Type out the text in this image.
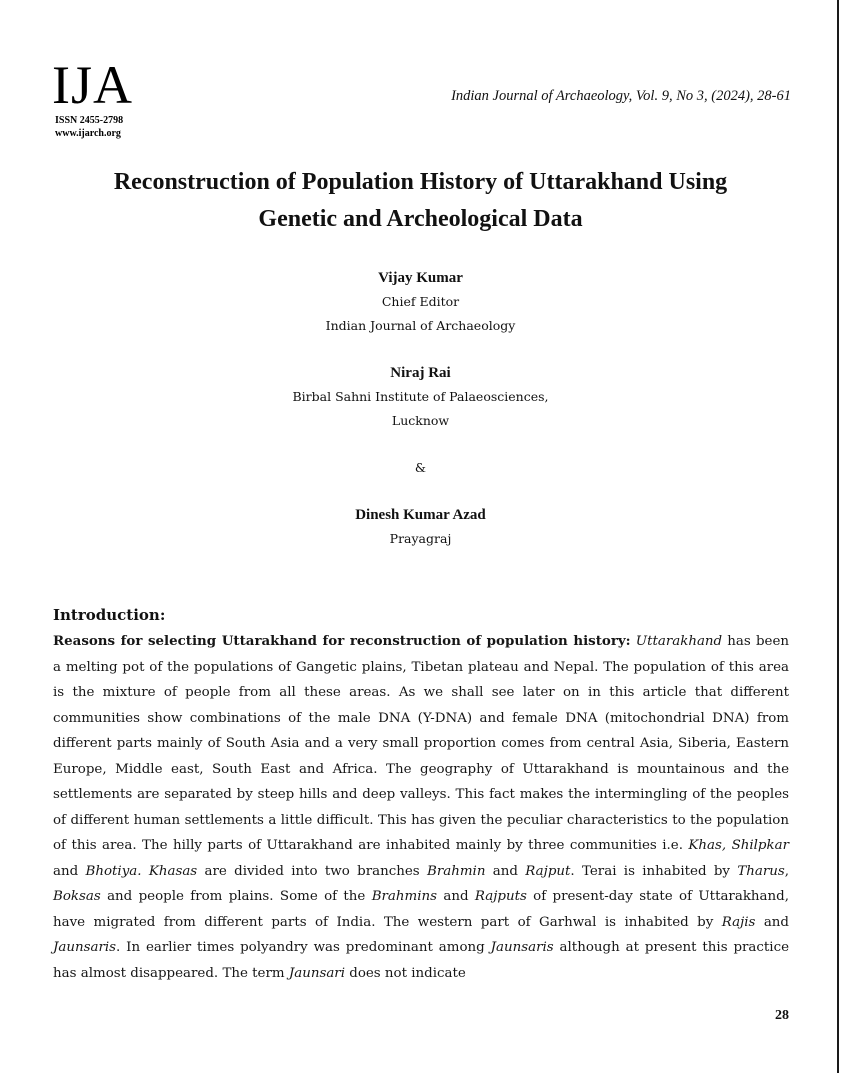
IJA
ISSN 2455-2798
www.ijarch.org
Indian Journal of Archaeology, Vol. 9, No 3, (2024), 28-61
Reconstruction of Population History of Uttarakhand Using
Genetic and Archeological Data
Vijay Kumar
Chief Editor
Indian Journal of Archaeology
Niraj Rai
Birbal Sahni Institute of Palaeosciences,
Lucknow
&
Dinesh Kumar Azad
Prayagraj
Introduction:

Reasons for selecting Uttarakhand for reconstruction of population history: Uttarakhand has been a melting pot of the populations of Gangetic plains, Tibetan plateau and Nepal. The population of this area is the mixture of people from all these areas. As we shall see later on in this article that different communities show combinations of the male DNA (Y-DNA) and female DNA (mitochondrial DNA) from different parts mainly of South Asia and a very small proportion comes from central Asia, Siberia, Eastern Europe, Middle east, South East and Africa. The geography of Uttarakhand is mountainous and the settlements are separated by steep hills and deep valleys. This fact makes the intermingling of the peoples of different human settlements a little difficult. This has given the peculiar characteristics to the population of this area. The hilly parts of Uttarakhand are inhabited mainly by three communities i.e. Khas, Shilpkar and Bhotiya. Khasas are divided into two branches Brahmin and Rajput. Terai is inhabited by Tharus, Boksas and people from plains. Some of the Brahmins and Rajputs of present-day state of Uttarakhand, have migrated from different parts of India. The western part of Garhwal is inhabited by Rajis and Jaunsaris. In earlier times polyandry was predominant among Jaunsaris although at present this practice has almost disappeared. The term Jaunsari does not indicate

28
